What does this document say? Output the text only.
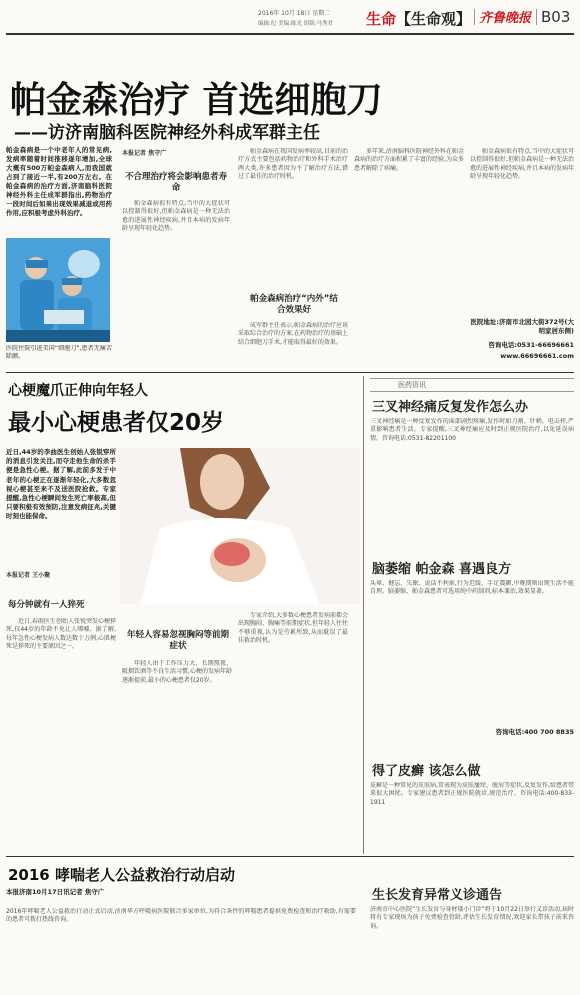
2016年 10月 18日 星期二
编辑:纪 美编:陈光 组版:马秀君 生命【生命观】 齐鲁晚报 B03
帕金森治疗 首选细胞刀
——访济南脑科医院神经外科成军群主任
帕金森病是一个中老年人的常见病,发病率随着时间推移逐年增加,全球大概有500万帕金森病人,而我国就占到了接近一半,有200万左右。在帕金森病的治疗方面,济南脑科医院神经外科主任成军群指出,药物治疗一段时间后如果出现效果减退或用药作用,应积极考虑外科治疗。
医院住院引进美国“细胞刀”,患者无痛苦除颤。
本报记者 焦守广
不合理治疗将会影响患者寿命

帕金森病很有特点,当中的大症状可以控制得很好,但帕金森病是一种无法治愈的进展性神经疾病,并且本病的发病年龄呈现年轻化趋势。

帕金森病在我国发病率较高,目前的治疗方式主要包括药物治疗和外科手术治疗两大类,许多患者因为不了解治疗方法,错过了最佳的治疗时机。

帕金森病治疗“内外”结合效果好

成军群主任表示,帕金森病的治疗应该采取综合治疗的方案,在药物治疗的基础上结合细胞刀手术,才能取得最好的效果。

多年来,济南脑科医院神经外科在帕金森病的治疗方面积累了丰富的经验,为众多患者解除了病痛。

帕金森病很有特点,当中的大症状可以控制得很好,但帕金森病是一种无法治愈的进展性神经疾病,并且本病的发病年龄呈现年轻化趋势。

医院地址:济南市北园大街372号(大明家居东侧)
咨询电话:0531-66696661
www.66696661.com
心梗魔爪正伸向年轻人
最小心梗患者仅20岁
近日,44岁的李曲医生创始人张锐穿所的消息引发关注,而夺走他生命的杀手便是急性心梗。据了解,此前多发于中老年的心梗正在逐渐年轻化,大多数忽视心梗甚至来不及送医院抢救。专家提醒,急性心梗瞬间发生死亡率极高,但只要积极有效预防,注意发病征兆,关键时刻也能保命。
本报记者 王小聚
每分钟就有一人猝死

近日,春雨医生创始人张锐突发心梗猝死,仅44岁的年龄不免让人唏嘘。据了解,每年急性心梗发病人数达数十万例,心肌梗死是猝死的主要原因之一。

年轻人容易忽视胸闷等前期症状

年轻人由于工作压力大、长期熬夜、吸烟饮酒等不良生活习惯,心梗的发病年龄逐渐提前,最小的心梗患者仅20岁。

专家介绍,大多数心梗患者发病前都会出现胸闷、胸痛等前期症状,但年轻人往往不够重视,认为是劳累所致,从而耽误了最佳救治时机。

医药资讯
三叉神经痛反复发作怎么办
三叉神经痛是一种反复发作的面部剧烈疼痛,发作时如刀割、针刺、电击样,严重影响患者生活。专家提醒,三叉神经痛应及时到正规医院治疗,以免延误病情。咨询电话:0531-82201100
脑萎缩 帕金森 喜遇良方
头晕、健忘、失眠、说话不利索,行为迟缓、手足震颤,中晚期则出现生活不能自理。脑萎缩、帕金森患者可选用纯中药制剂,标本兼治,效果显著。
咨询电话:400 700 8835
得了皮癣 该怎么做
皮癣是一种常见的皮肤病,常表现为皮肤瘙痒、脱屑等症状,反复发作,给患者带来很大困扰。专家建议患者到正规医院就诊,规范治疗。咨询电话:400-833-1911
2016 哮喘老人公益救治行动启动
本报济南10月17日讯记者 焦守广
2016年哮喘老人公益救治行动正式启动,济南华方呼吸病医院联合多家单位,为符合条件的哮喘患者提供免费检查和治疗救助,有需要的患者可拨打热线咨询。
生长发育异常义诊通告
济南市中心医院“生长发育与身材矮小门诊”将于10月22日举行义诊活动,届时将有专家现场为孩子免费检查骨龄,评估生长发育情况,欢迎家长带孩子前来咨询。
